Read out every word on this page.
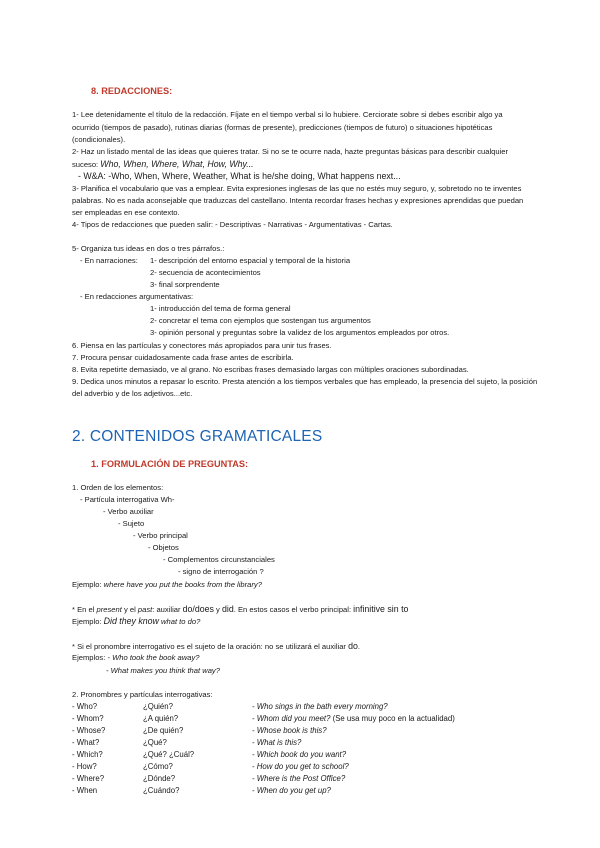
8. REDACCIONES:
1- Lee detenidamente el título de la redacción. Fíjate en el tiempo verbal si lo hubiere. Cerciorate sobre si debes escribir algo ya
ocurrido (tiempos de pasado), rutinas diarias (formas de presente), predicciones (tiempos de futuro) o situaciones hipotéticas
(condicionales).
2- Haz un listado mental de las ideas que quieres tratar. Si no se te ocurre nada, hazte preguntas básicas para describir cualquier
suceso: Who, When, Where, What, How, Why...
- W&A: -Who, When, Where, Weather, What is he/she doing, What happens next...
3- Planifica el vocabulario que vas a emplear. Evita expresiones inglesas de las que no estés muy seguro, y, sobretodo no te inventes
palabras. No es nada aconsejable que traduzcas del castellano. Intenta recordar frases hechas y expresiones aprendidas que puedan
ser empleadas en ese contexto.
4- Tipos de redacciones que pueden salir: - Descriptivas - Narrativas - Argumentativas - Cartas.
5- Organiza tus ideas en dos o tres párrafos.:
- En narraciones: 1- descripción del entorno espacial y temporal de la historia
2- secuencia de acontecimientos
3- final sorprendente
- En redacciones argumentativas:
1- introducción del tema de forma general
2- concretar el tema con ejemplos que sostengan tus argumentos
3- opinión personal y preguntas sobre la validez de los argumentos empleados por otros.
6. Piensa en las partículas y conectores más apropiados para unir tus frases.
7. Procura pensar cuidadosamente cada frase antes de escribirla.
8. Evita repetirte demasiado, ve al grano. No escribas frases demasiado largas con múltiples oraciones subordinadas.
9. Dedica unos minutos a repasar lo escrito. Presta atención a los tiempos verbales que has empleado, la presencia del sujeto, la posición
del adverbio y de los adjetivos...etc.
2. CONTENIDOS GRAMATICALES
1. FORMULACIÓN DE PREGUNTAS:
1. Orden de los elementos:
- Partícula interrogativa Wh-
- Verbo auxiliar
- Sujeto
- Verbo principal
- Objetos
- Complementos circunstanciales
- signo de interrogación ?
Ejemplo: where have you put the books from the library?
* En el present y el past: auxiliar do/does y did. En estos casos el verbo principal: infinitive sin to
Ejemplo: Did they know what to do?
* Si el pronombre interrogativo es el sujeto de la oración: no se utilizará el auxiliar do.
Ejemplos: - Who took the book away?
- What makes you think that way?
2. Pronombres y partículas interrogativas:
- Who?	¿Quién?	- Who sings in the bath every morning?
- Whom?	¿A quién?	- Whom did you meet? (Se usa muy poco en la actualidad)
- Whose?	¿De quién?	- Whose book is this?
- What?	¿Qué?	- What is this?
- Which?	¿Qué? ¿Cuál?	- Which book do you want?
- How?	¿Cómo?	- How do you get to school?
- Where?	¿Dónde?	- Where is the Post Office?
- When	¿Cuándo?	- When do you get up?
